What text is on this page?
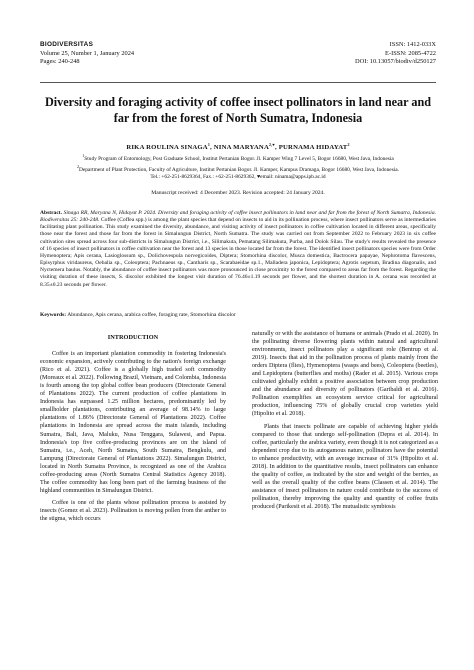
BIODIVERSITAS
Volume 25, Number 1, January 2024
Pages: 240-248
ISSN: 1412-033X
E-ISSN: 2085-4722
DOI: 10.13057/biodiv/d250127
Diversity and foraging activity of coffee insect pollinators in land near and far from the forest of North Sumatra, Indonesia
RIKA ROULINA SINAGA$^1$, NINA $MARYANA^{2,♥}$, PURNAMA HIDAYAT$^2$
$^1$Study Program of Entomology, Post Graduate School, Institut Pertanian Bogor. Jl. Kamper Wing 7 Level 5, Bogor 16680, West Java, Indonesia
$^2$Department of Plant Protection, Faculty of Agriculture, Institut Pertanian Bogor. Jl. Kamper, Kampus Dramaga, Bogor 16680, West Java, Indonesia.
Tel.: +62-251-8629364, Fax.: +62-251-8629362, ♥email: ninama@apps.ipb.ac.id
Manuscript received: 4 December 2023. Revision accepted: 24 January 2024.
Abstract. Sinaga RR, Maryana N, Hidayat P. 2024. Diversity and foraging activity of coffee insect pollinators in land near and far from the forest of North Sumatra, Indonesia. Biodiversitas 25: 240-248. Coffee (Coffea spp.) is among the plant species that depend on insects to aid in its pollination process, where insect pollinators serve as intermediaries facilitating plant pollination. This study examined the diversity, abundance, and visiting activity of insect pollinators in coffee cultivation located in different areas, specifically those near the forest and those far from the forest in Simalungun District, North Sumatra. The study was carried out from September 2022 to February 2023 in six coffee cultivation sites spread across four sub-districts in Simalungun District, i.e., Silimakuta, Pematang Silimakuta, Purba, and Dolok Silau. The study's results revealed the presence of 16 species of insect pollinators in coffee cultivation near the forest and 13 species in those located far from the forest. The identified insect pollinators species were from Order Hymenoptera; Apis cerana, Lasioglossum sp., Dolichovespula norvegicoides, Diptera; Stomorhina discolor, Musca domestica, Bactrocera papayae, Nephrotoma flavescens, Episyrphus viridaureus, Oebalia sp., Coleoptera; Pachnaeus sp., Cantharis sp., Scarabaeidae sp.1., Malladera japonica, Lepidoptera; Agrotis segetum, Bradina diagonalis, and Nyctemera baulus. Notably, the abundance of coffee insect pollinators was more pronounced in close proximity to the forest compared to areas far from the forest. Regarding the visiting duration of these insects, S. discolor exhibited the longest visit duration of 76.46±1.19 seconds per flower, and the shortest duration in A. cerana was recorded at 8.35±0.23 seconds per flower.
Keywords: Abundance, Apis cerana, arabica coffee, foraging rate, Stomorhina discolor
INTRODUCTION

Coffee is an important plantation commodity in fostering Indonesia's economic expansion, actively contributing to the nation's foreign exchange (Rico et al. 2021). Coffee is a globally high traded soft commodity (Moreaux et al. 2022). Following Brazil, Vietnam, and Colombia, Indonesia is fourth among the top global coffee bean producers (Directorate General of Plantations 2022). The current production of coffee plantations in Indonesia has surpassed 1.25 million hectares, predominantly led by smallholder plantations, contributing an average of 98.14% to large plantations of 1.86% (Directorate General of Plantations 2022). Coffee plantations in Indonesia are spread across the main islands, including Sumatra, Bali, Java, Maluku, Nusa Tenggara, Sulawesi, and Papua. Indonesia's top five coffee-producing provinces are on the island of Sumatra, i.e., Aceh, North Sumatra, South Sumatra, Bengkulu, and Lampung (Directorate General of Plantations 2022). Simalungun District, located in North Sumatra Province, is recognized as one of the Arabica coffee-producing areas (North Sumatra Central Statistics Agency 2018). The coffee commodity has long been part of the farming business of the highland communities in Simalungun District.

Coffee is one of the plants whose pollination process is assisted by insects (Gomez et al. 2023). Pollination is moving pollen from the anther to the stigma, which occurs

naturally or with the assistance of humans or animals (Prado et al. 2020). In the pollinating diverse flowering plants within natural and agricultural environments, insect pollinators play a significant role (Bentrup et al. 2019). Insects that aid in the pollination process of plants mainly from the orders Diptera (flies), Hymenoptera (wasps and bees), Coleoptera (beetles), and Lepidoptera (butterflies and moths) (Rader et al. 2015). Various crops cultivated globally exhibit a positive association between crop production and the abundance and diversity of pollinators (Garibaldi et al. 2016). Pollination exemplifies an ecosystem service critical for agricultural production, influencing 75% of globally crucial crop varieties yield (Hipolito et al. 2018).

Plants that insects pollinate are capable of achieving higher yields compared to those that undergo self-pollination (Depra et al. 2014). In coffee, particularly the arabica variety, even though it is not categorized as a dependent crop due to its autogamous nature, pollinators have the potential to enhance productivity, with an average increase of 31% (Hipolito et al. 2018). In addition to the quantitative results, insect pollinators can enhance the quality of coffee, as indicated by the size and weight of the berries, as well as the overall quality of the coffee beans (Classen et al. 2014). The assistance of insect pollinators in nature could contribute to the success of pollination, thereby improving the quality and quantity of coffee fruits produced (Parikesit et al. 2018). The mutualistic symbiosis
